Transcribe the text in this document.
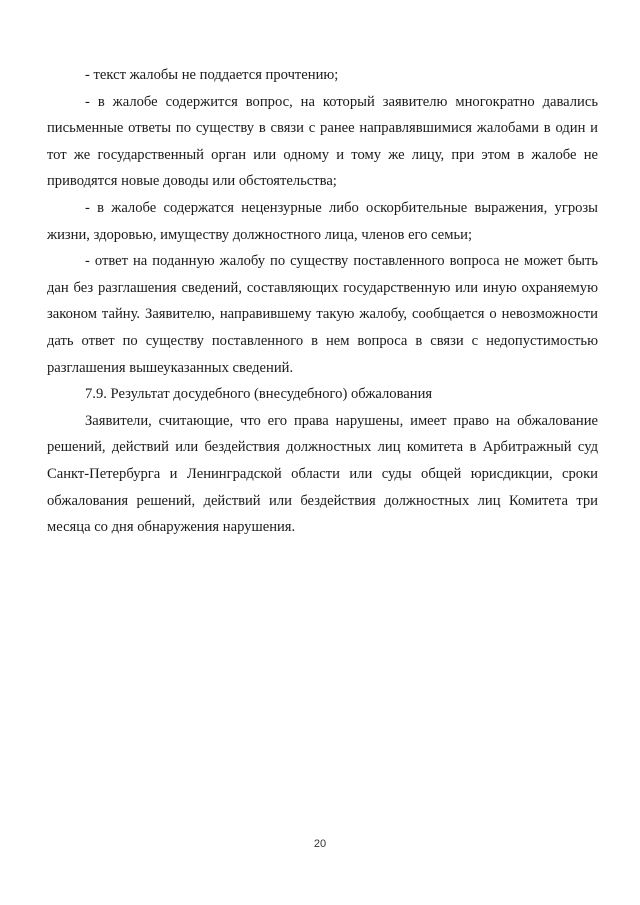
- текст жалобы не поддается прочтению;

- в жалобе содержится вопрос, на который заявителю многократно давались письменные ответы по существу в связи с ранее направлявшимися жалобами в один и тот же государственный орган или одному и тому же лицу, при этом в жалобе не приводятся новые доводы или обстоятельства;

- в жалобе содержатся нецензурные либо оскорбительные выражения, угрозы жизни, здоровью, имуществу должностного лица, членов его семьи;

- ответ на поданную жалобу по существу поставленного вопроса не может быть дан без разглашения сведений, составляющих государственную или иную охраняемую законом тайну. Заявителю, направившему такую жалобу, сообщается о невозможности дать ответ по существу поставленного в нем вопроса в связи с недопустимостью разглашения вышеуказанных сведений.

7.9. Результат досудебного (внесудебного) обжалования

Заявители, считающие, что его права нарушены, имеет право на обжалование решений, действий или бездействия должностных лиц комитета в Арбитражный суд Санкт-Петербурга и Ленинградской области или суды общей юрисдикции, сроки обжалования решений, действий или бездействия должностных лиц Комитета три месяца со дня обнаружения нарушения.

20
